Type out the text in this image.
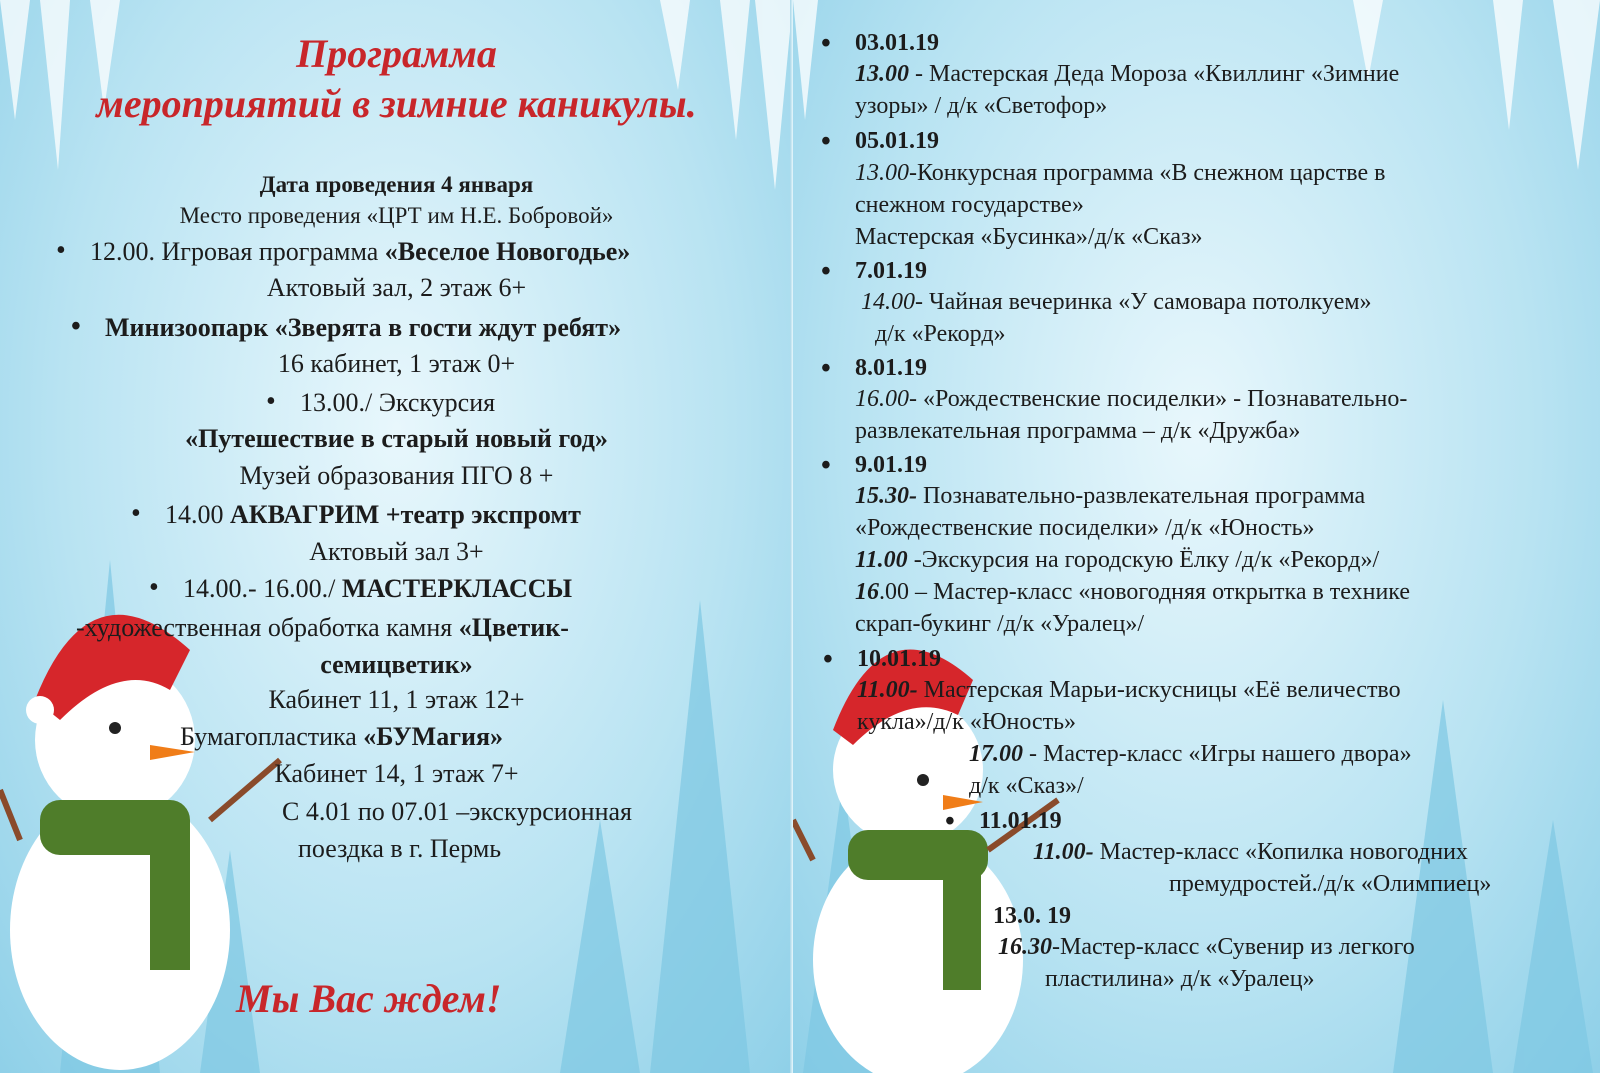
Программа
мероприятий в зимние каникулы.
Дата проведения 4 января
Место проведения «ЦРТ им Н.Е. Бобровой»
• 12.00. Игровая программа «Веселое Новогодье»
Актовый зал, 2 этаж 6+
• Минизоопарк «Зверята в гости ждут ребят»
16 кабинет, 1 этаж 0+
• 13.00./ Экскурсия
«Путешествие в старый новый год»
Музей образования ПГО 8 +
• 14.00 АКВАГРИМ +театр экспромт
Актовый зал 3+
• 14.00.- 16.00./ МАСТЕРКЛАССЫ
-художественная обработка камня «Цветик-
семицветик»
Кабинет 11, 1 этаж 12+
Бумагопластика «БУМагия»
Кабинет 14, 1 этаж 7+
С 4.01 по 07.01 –экскурсионная
поездка в г. Пермь
Мы Вас ждем!
• 03.01.19
13.00 - Мастерская Деда Мороза «Квиллинг «Зимние
узоры» / д/к «Светофор»
• 05.01.19
13.00-Конкурсная программа «В снежном царстве в
снежном государстве»
Мастерская «Бусинка»/д/к «Сказ»
• 7.01.19
14.00- Чайная вечеринка «У самовара потолкуем»
д/к «Рекорд»
• 8.01.19
16.00- «Рождественские посиделки» - Познавательно-
развлекательная программа – д/к «Дружба»
• 9.01.19
15.30- Познавательно-развлекательная программа
«Рождественские посиделки» /д/к «Юность»
11.00 -Экскурсия на городскую Ёлку /д/к «Рекорд»/
16.00 – Мастер-класс «новогодняя открытка в технике
скрап-букинг /д/к «Уралец»/
• 10.01.19
11.00- Мастерская Марьи-искусницы «Её величество
кукла»/д/к «Юность»
17.00 - Мастер-класс «Игры нашего двора»
д/к «Сказ»/
• 11.01.19
11.00- Мастер-класс «Копилка новогодних
премудростей./д/к «Олимпиец»
13.0. 19
16.30-Мастер-класс «Сувенир из легкого
пластилина» д/к «Уралец»
